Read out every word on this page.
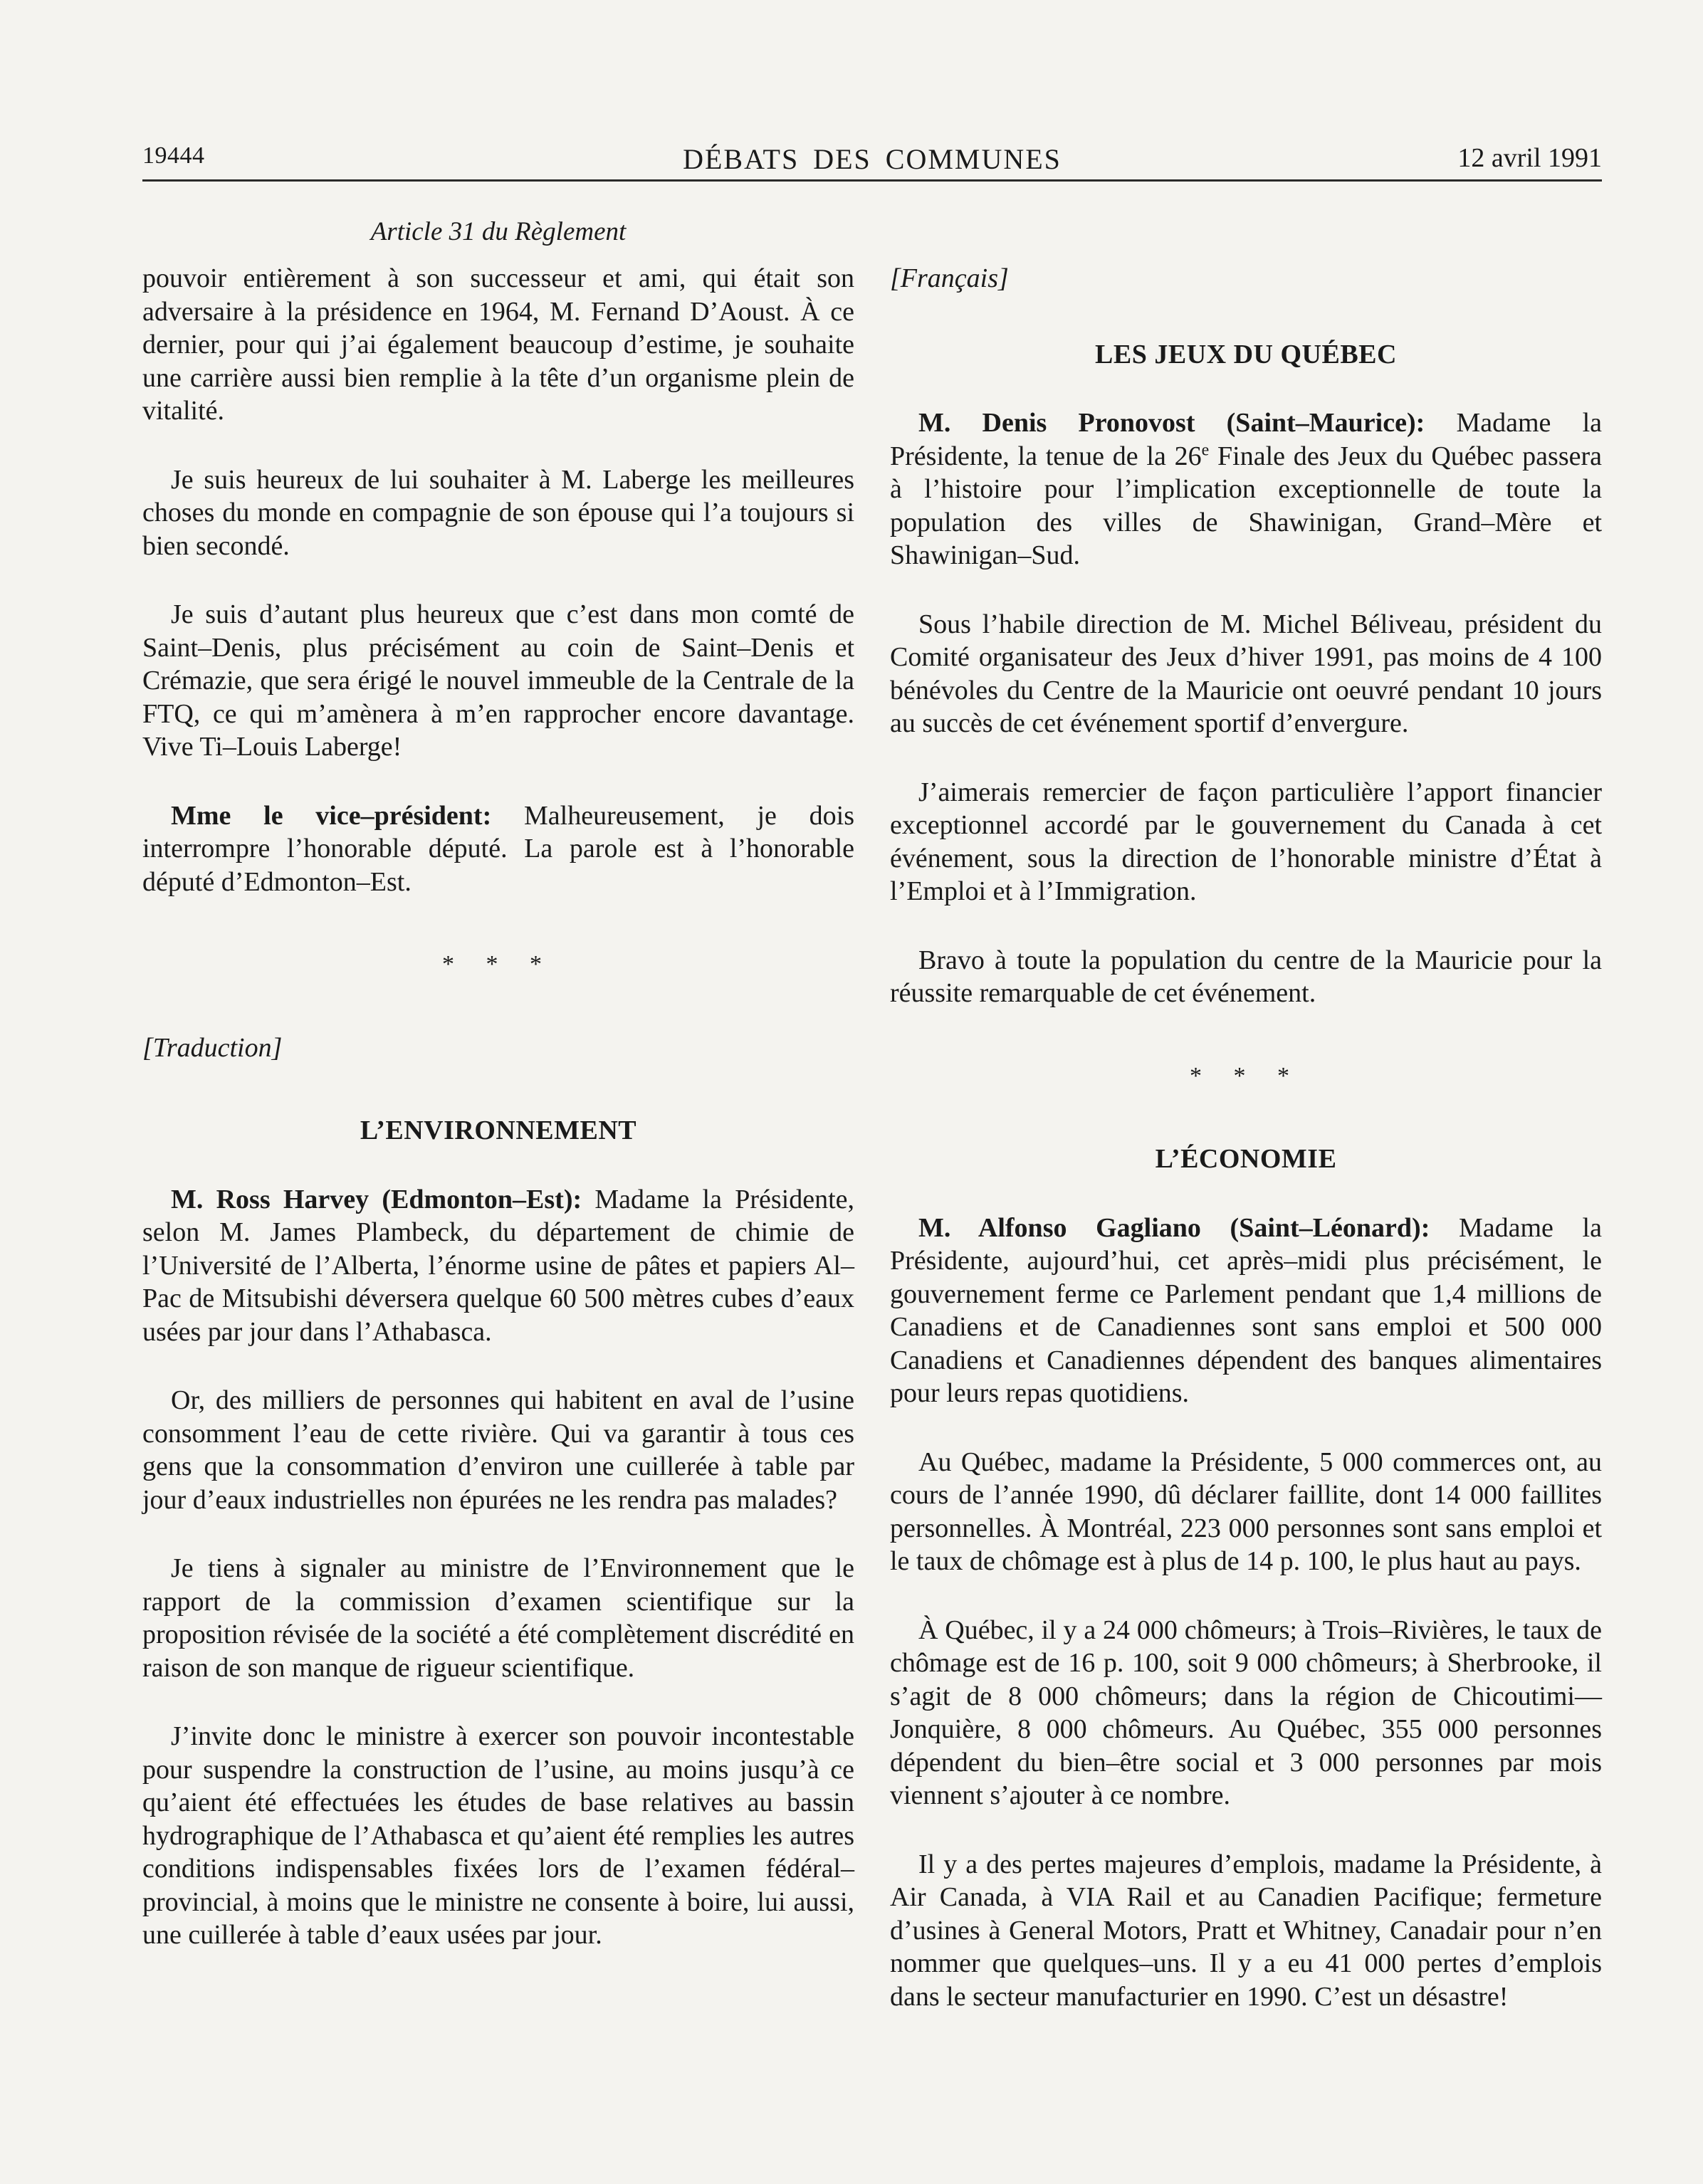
19444	DÉBATS DES COMMUNES	12 avril 1991
Article 31 du Règlement

pouvoir entièrement à son successeur et ami, qui était son adversaire à la présidence en 1964, M. Fernand D’Aoust. À ce dernier, pour qui j’ai également beaucoup d’estime, je souhaite une carrière aussi bien remplie à la tête d’un organisme plein de vitalité.

Je suis heureux de lui souhaiter à M. Laberge les meilleures choses du monde en compagnie de son épouse qui l’a toujours si bien secondé.

Je suis d’autant plus heureux que c’est dans mon comté de Saint–Denis, plus précisément au coin de Saint–Denis et Crémazie, que sera érigé le nouvel immeuble de la Centrale de la FTQ, ce qui m’amènera à m’en rapprocher encore davantage. Vive Ti–Louis Laberge!

Mme le vice–président: Malheureusement, je dois interrompre l’honorable député. La parole est à l’honorable député d’Edmonton–Est.

* * *

[Traduction]

L’ENVIRONNEMENT

M. Ross Harvey (Edmonton–Est): Madame la Présidente, selon M. James Plambeck, du département de chimie de l’Université de l’Alberta, l’énorme usine de pâtes et papiers Al–Pac de Mitsubishi déversera quelque 60 500 mètres cubes d’eaux usées par jour dans l’Athabasca.

Or, des milliers de personnes qui habitent en aval de l’usine consomment l’eau de cette rivière. Qui va garantir à tous ces gens que la consommation d’environ une cuillerée à table par jour d’eaux industrielles non épurées ne les rendra pas malades?

Je tiens à signaler au ministre de l’Environnement que le rapport de la commission d’examen scientifique sur la proposition révisée de la société a été complètement discrédité en raison de son manque de rigueur scientifique.

J’invite donc le ministre à exercer son pouvoir incontestable pour suspendre la construction de l’usine, au moins jusqu’à ce qu’aient été effectuées les études de base relatives au bassin hydrographique de l’Athabasca et qu’aient été remplies les autres conditions indispensables fixées lors de l’examen fédéral–provincial, à moins que le ministre ne consente à boire, lui aussi, une cuillerée à table d’eaux usées par jour.

[Français]

LES JEUX DU QUÉBEC

M. Denis Pronovost (Saint–Maurice): Madame la Présidente, la tenue de la 26e Finale des Jeux du Québec passera à l’histoire pour l’implication exceptionnelle de toute la population des villes de Shawinigan, Grand–Mère et Shawinigan–Sud.

Sous l’habile direction de M. Michel Béliveau, président du Comité organisateur des Jeux d’hiver 1991, pas moins de 4 100 bénévoles du Centre de la Mauricie ont oeuvré pendant 10 jours au succès de cet événement sportif d’envergure.

J’aimerais remercier de façon particulière l’apport financier exceptionnel accordé par le gouvernement du Canada à cet événement, sous la direction de l’honorable ministre d’État à l’Emploi et à l’Immigration.

Bravo à toute la population du centre de la Mauricie pour la réussite remarquable de cet événement.

* * *

L’ÉCONOMIE

M. Alfonso Gagliano (Saint–Léonard): Madame la Présidente, aujourd’hui, cet après–midi plus précisément, le gouvernement ferme ce Parlement pendant que 1,4 millions de Canadiens et de Canadiennes sont sans emploi et 500 000 Canadiens et Canadiennes dépendent des banques alimentaires pour leurs repas quotidiens.

Au Québec, madame la Présidente, 5 000 commerces ont, au cours de l’année 1990, dû déclarer faillite, dont 14 000 faillites personnelles. À Montréal, 223 000 personnes sont sans emploi et le taux de chômage est à plus de 14 p. 100, le plus haut au pays.

À Québec, il y a 24 000 chômeurs; à Trois–Rivières, le taux de chômage est de 16 p. 100, soit 9 000 chômeurs; à Sherbrooke, il s’agit de 8 000 chômeurs; dans la région de Chicoutimi—Jonquière, 8 000 chômeurs. Au Québec, 355 000 personnes dépendent du bien–être social et 3 000 personnes par mois viennent s’ajouter à ce nombre.

Il y a des pertes majeures d’emplois, madame la Présidente, à Air Canada, à VIA Rail et au Canadien Pacifique; fermeture d’usines à General Motors, Pratt et Whitney, Canadair pour n’en nommer que quelques–uns. Il y a eu 41 000 pertes d’emplois dans le secteur manufacturier en 1990. C’est un désastre!
